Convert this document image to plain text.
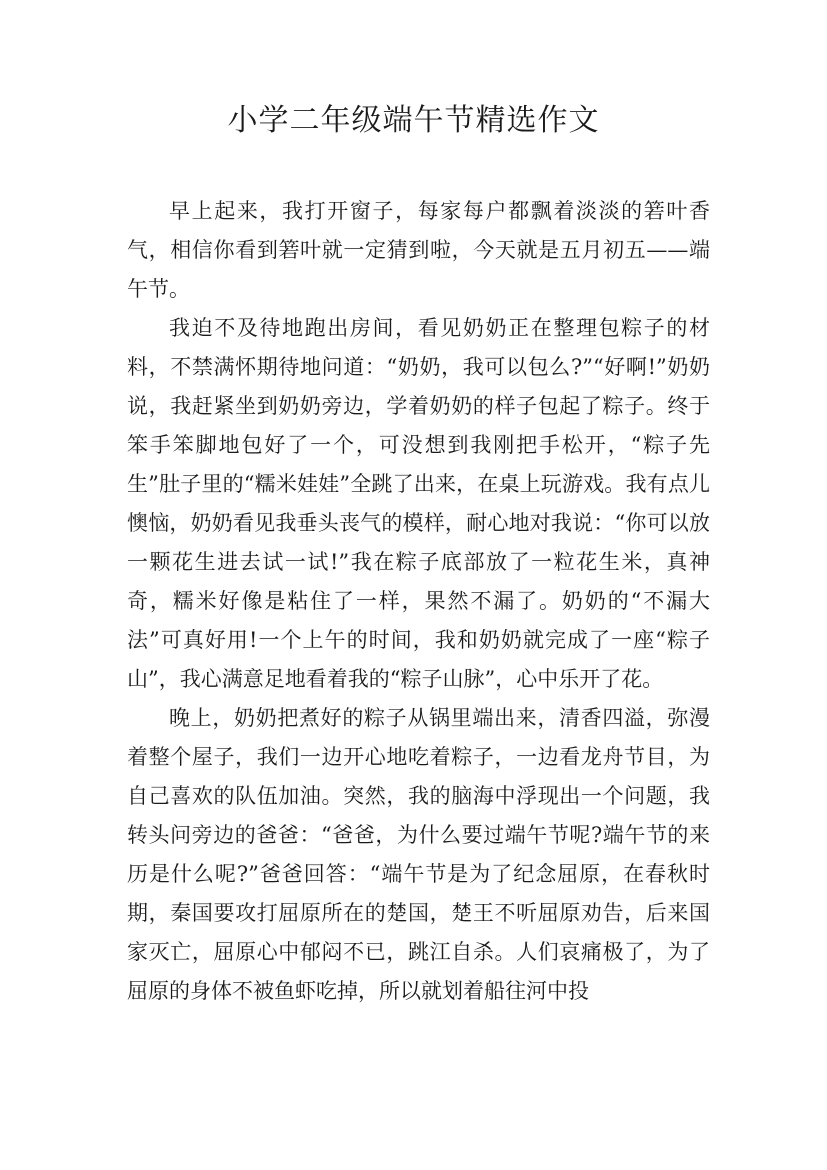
小学二年级端午节精选作文

早上起来，我打开窗子，每家每户都飘着淡淡的箬叶香气，相信你看到箬叶就一定猜到啦，今天就是五月初五——端午节。

我迫不及待地跑出房间，看见奶奶正在整理包粽子的材料，不禁满怀期待地问道：“奶奶，我可以包么?”“好啊!”奶奶说，我赶紧坐到奶奶旁边，学着奶奶的样子包起了粽子。终于笨手笨脚地包好了一个，可没想到我刚把手松开，“粽子先生”肚子里的“糯米娃娃”全跳了出来，在桌上玩游戏。我有点儿懊恼，奶奶看见我垂头丧气的模样，耐心地对我说：“你可以放一颗花生进去试一试!”我在粽子底部放了一粒花生米，真神奇，糯米好像是粘住了一样，果然不漏了。奶奶的“不漏大法”可真好用!一个上午的时间，我和奶奶就完成了一座“粽子山”，我心满意足地看着我的“粽子山脉”，心中乐开了花。

晚上，奶奶把煮好的粽子从锅里端出来，清香四溢，弥漫着整个屋子，我们一边开心地吃着粽子，一边看龙舟节目，为自己喜欢的队伍加油。突然，我的脑海中浮现出一个问题，我转头问旁边的爸爸：“爸爸，为什么要过端午节呢?端午节的来历是什么呢?”爸爸回答：“端午节是为了纪念屈原，在春秋时期，秦国要攻打屈原所在的楚国，楚王不听屈原劝告，后来国家灭亡，屈原心中郁闷不已，跳江自杀。人们哀痛极了，为了屈原的身体不被鱼虾吃掉，所以就划着船往河中投
